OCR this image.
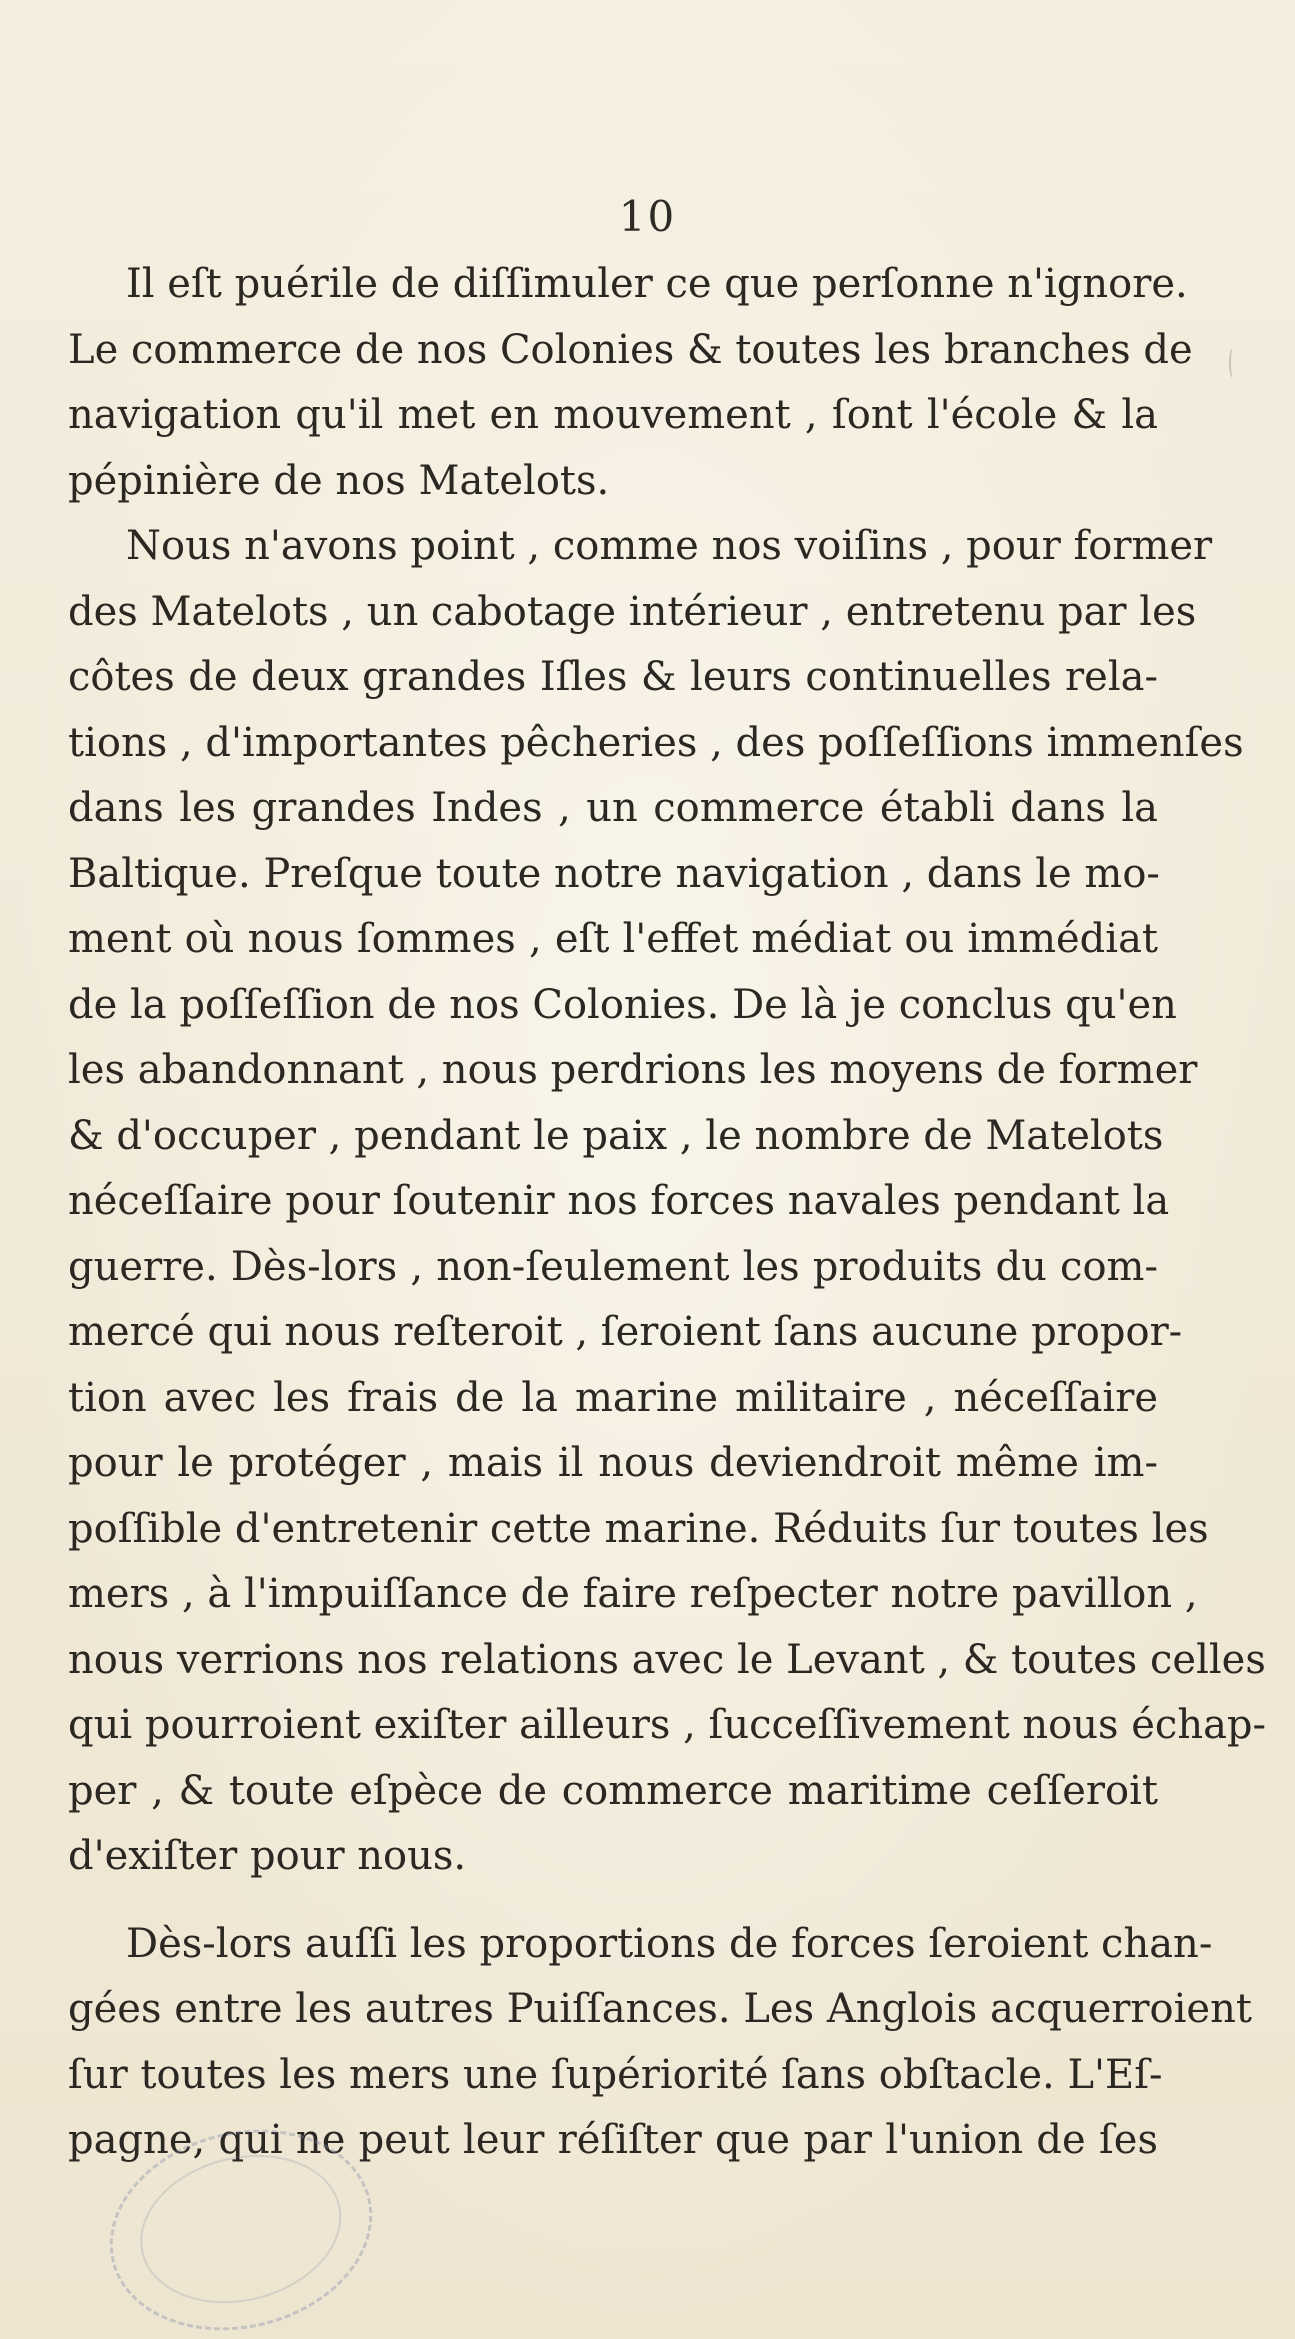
10
Il eſt puérile de diſſimuler ce que perſonne n'ignore.
Le commerce de nos Colonies & toutes les branches de
navigation qu'il met en mouvement , ſont l'école & la
pépinière de nos Matelots.
Nous n'avons point , comme nos voiſins , pour former
des Matelots , un cabotage intérieur , entretenu par les
côtes de deux grandes Iſles & leurs continuelles rela-
tions , d'importantes pêcheries , des poſſeſſions immenſes
dans les grandes Indes , un commerce établi dans la
Baltique. Preſque toute notre navigation , dans le mo-
ment où nous ſommes , eſt l'effet médiat ou immédiat
de la poſſeſſion de nos Colonies. De là je conclus qu'en
les abandonnant , nous perdrions les moyens de former
& d'occuper , pendant le paix , le nombre de Matelots
néceſſaire pour ſoutenir nos forces navales pendant la
guerre. Dès-lors , non-ſeulement les produits du com-
mercé qui nous reſteroit , ſeroient ſans aucune propor-
tion avec les frais de la marine militaire , néceſſaire
pour le protéger , mais il nous deviendroit même im-
poſſible d'entretenir cette marine. Réduits ſur toutes les
mers , à l'impuiſſance de faire reſpecter notre pavillon ,
nous verrions nos relations avec le Levant , & toutes celles
qui pourroient exiſter ailleurs , ſucceſſivement nous échap-
per , & toute eſpèce de commerce maritime ceſſeroit
d'exiſter pour nous.
Dès-lors auſſi les proportions de forces ſeroient chan-
gées entre les autres Puiſſances. Les Anglois acquerroient
ſur toutes les mers une ſupériorité ſans obſtacle. L'Eſ-
pagne, qui ne peut leur réſiſter que par l'union de ſes
